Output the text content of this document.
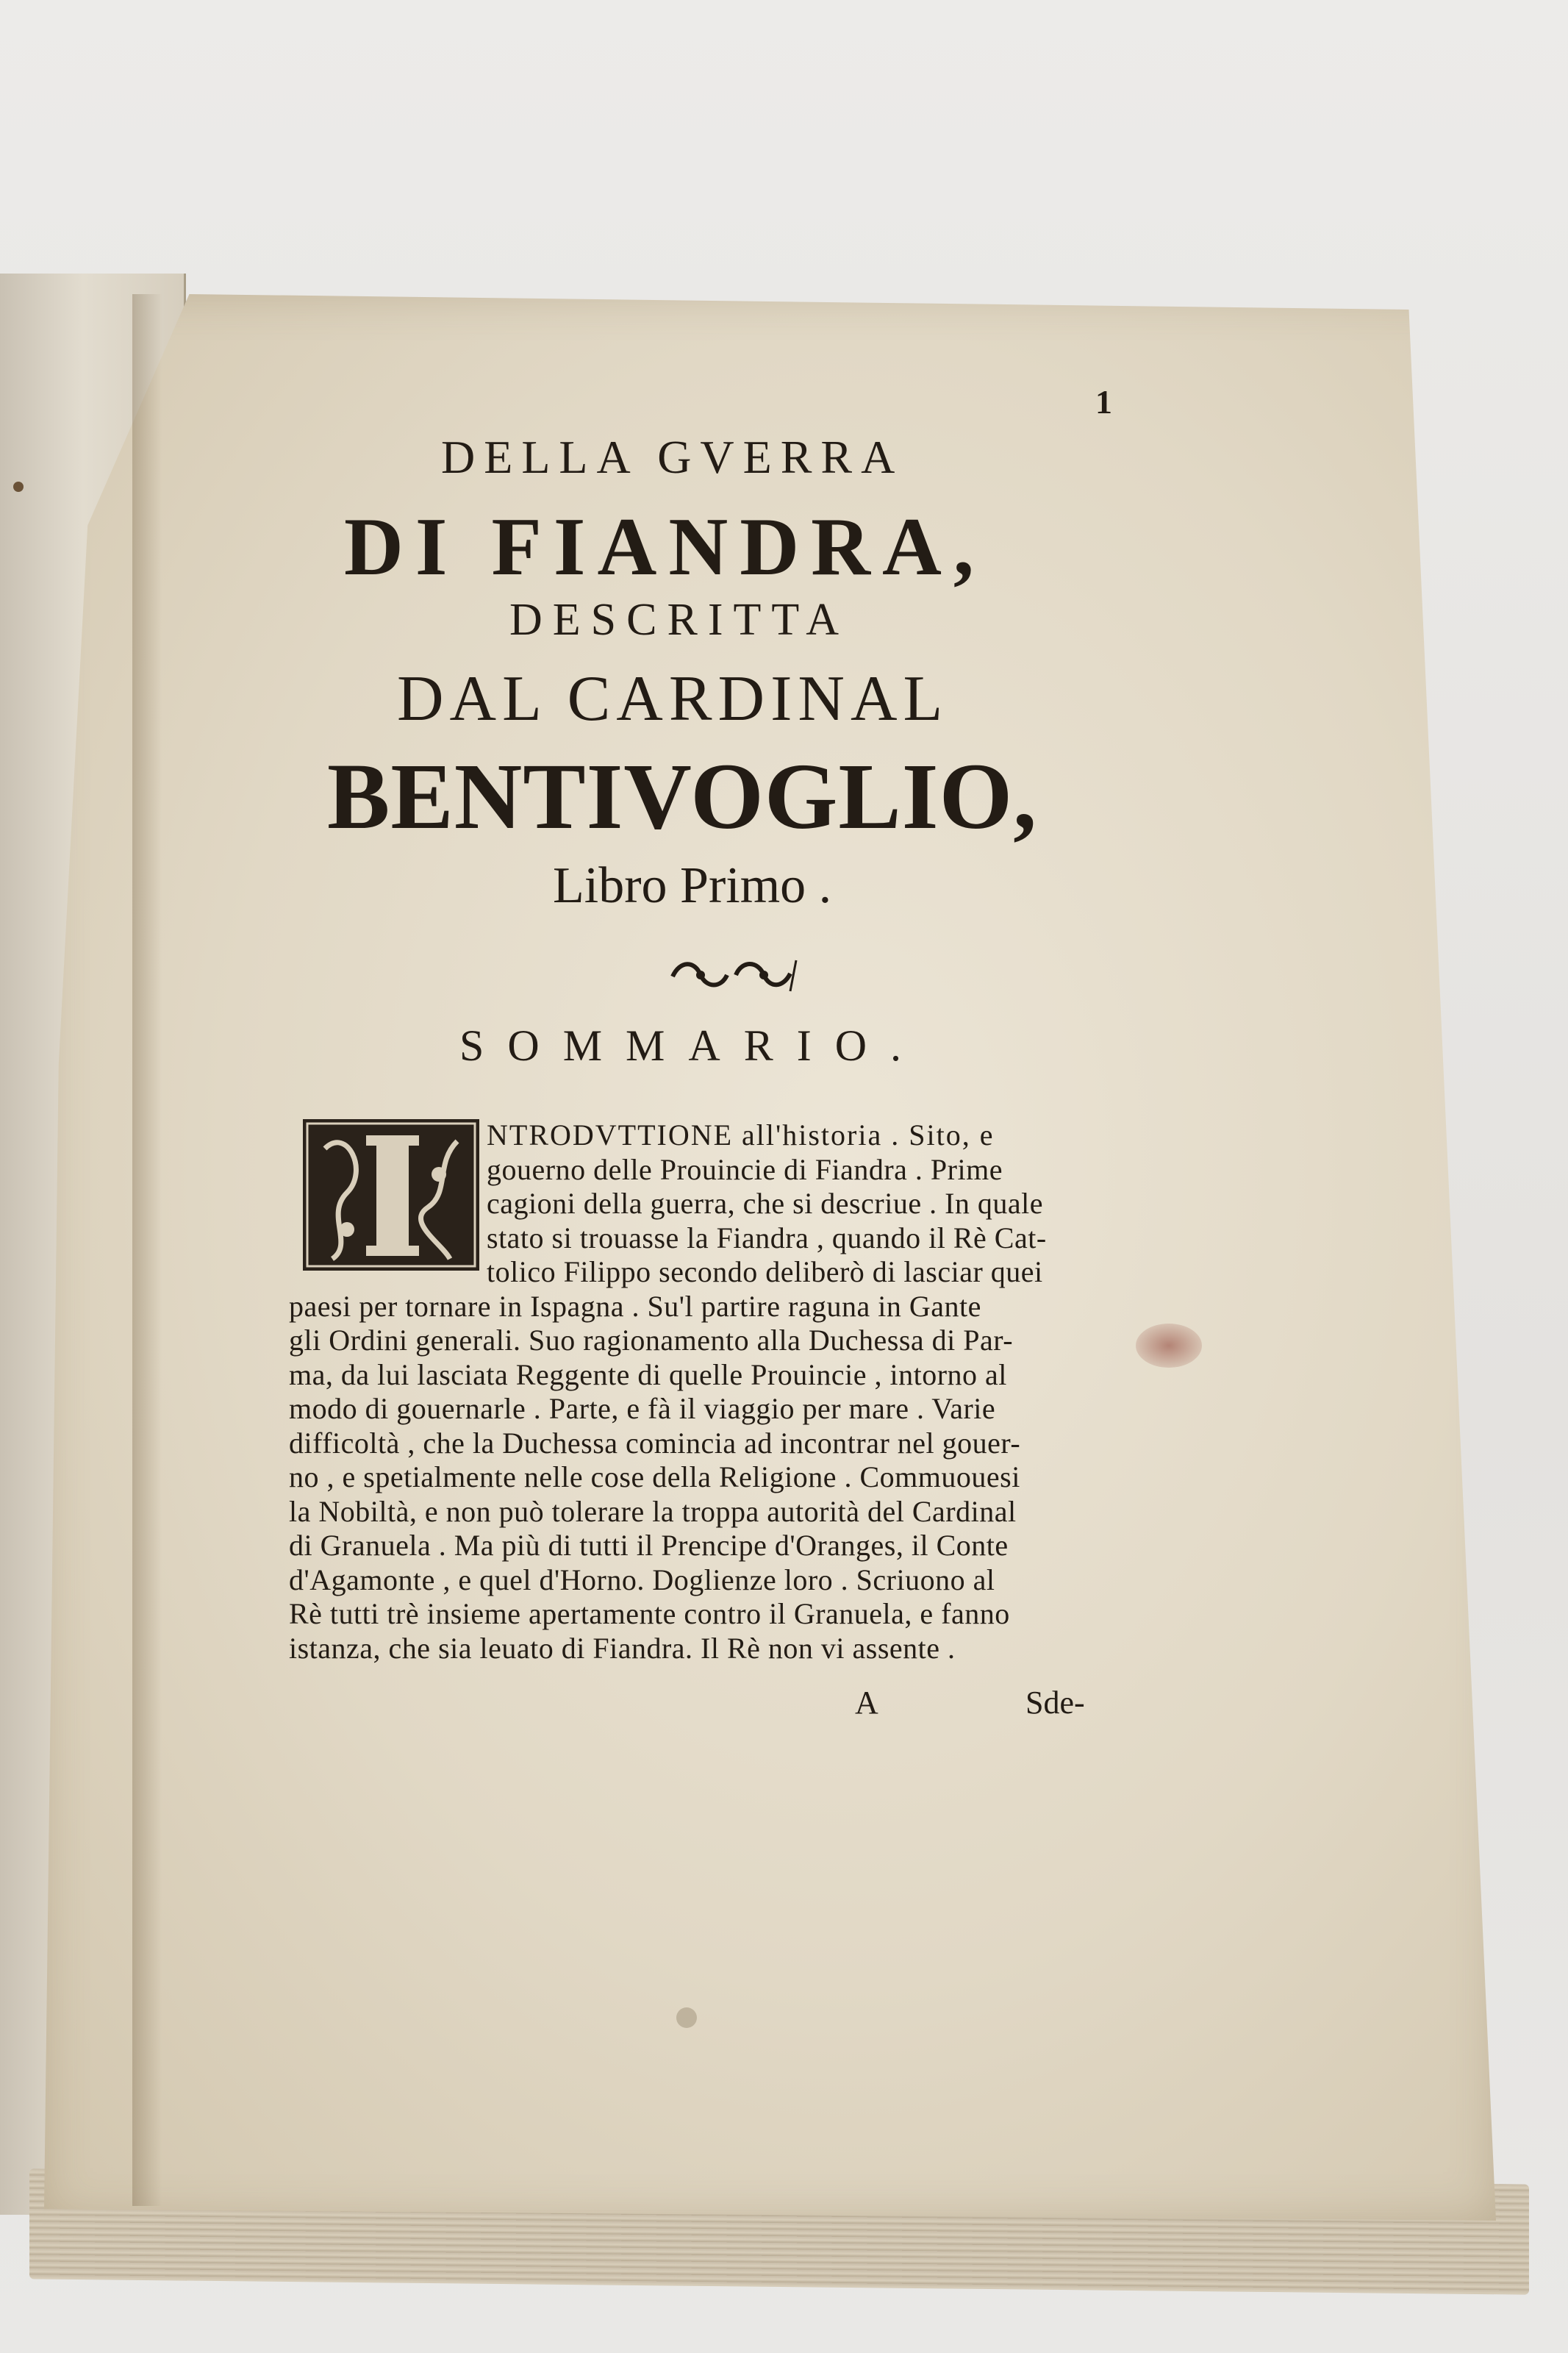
1
DELLA GVERRA
DI FIANDRA,
DESCRITTA
DAL CARDINAL
BENTIVOGLIO,
Libro Primo .
SOMMARIO.
NTRODVTTIONE all'historia . Sito, e
gouerno delle Prouincie di Fiandra . Prime
cagioni della guerra, che si descriue . In quale
stato si trouasse la Fiandra , quando il Rè Cat-
tolico Filippo secondo deliberò di lasciar quei
paesi per tornare in Ispagna . Su'l partire raguna in Gante
gli Ordini generali. Suo ragionamento alla Duchessa di Par-
ma, da lui lasciata Reggente di quelle Prouincie , intorno al
modo di gouernarle . Parte, e fà il viaggio per mare . Varie
difficoltà , che la Duchessa comincia ad incontrar nel gouer-
no , e spetialmente nelle cose della Religione . Commuouesi
la Nobiltà, e non può tolerare la troppa autorità del Cardinal
di Granuela . Ma più di tutti il Prencipe d'Oranges, il Conte
d'Agamonte , e quel d'Horno. Doglienze loro . Scriuono al
Rè tutti trè insieme apertamente contro il Granuela, e fanno
istanza, che sia leuato di Fiandra. Il Rè non vi assente .
A	Sde-
